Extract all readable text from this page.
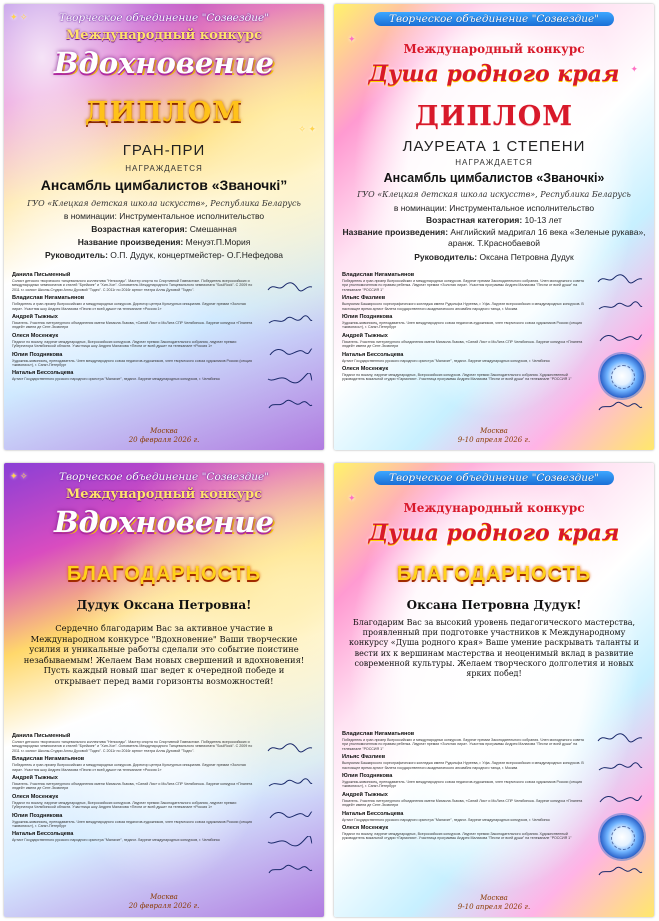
✦ ✧
✧ ✦
Творческое объединение "Созвездие"
Международный конкурс
Вдохновение
ДИПЛОМ
ГРАН-ПРИ
НАГРАЖДАЕТСЯ
Ансамбль цимбалистов «Званочкі”
ГУО «Клецкая детская школа искусств», Республика Беларусь
в номинации: Инструментальное исполнительство
Возрастная категория: Смешанная
Название произведения: Менуэт.П.Мория
Руководитель: О.П. Дудук, концертмейстер- О.Г.Нефедова
Данила Письменный
Солист детского творческого танцевального коллектива "Непоседы". Мастер спорта по Спортивной Гимнастике. Победитель всероссийских и международных чемпионатов и стилей "Брейкинг" и "Хип-Хоп". Основатель Международного Танцевального чемпионата "SoulRock". С 2009 по 2011 г.г. солист Школы-Студии Аллы Духовой "Тодес". С 2011г по 2016г артист театра Аллы Духовой "Тодес".
Владислав Нигаматьянов
Победитель и гран-призер Всероссийских и международных конкурсов. Директор центра Культурных инициатив. Лауреат премии «Золотая лира». Участник шоу Андрея Малахова «Песни от всей души» на телеканале «Россия 1»
Андрей Тыжных
Писатель. Участник литературного объединения имени Михаила Львова, «Синий Лис» и МоЛита СПР Челябинска. Лауреат конкурса «Планета людей» имени де Сент-Экзюпери
Олеся Мосенжук
Педагог по вокалу, лауреат международных, Всероссийских конкурсов. Лауреат премии Законодательного собрания, лауреат премии Губернатора Челябинской области. Участница шоу Андрея Малахова «Песни от всей души» на телеканале «Россия 1»
Юлия Позднякова
Художник-живописец, преподаватель. Член международного союза педагогов-художников, член творческого союза художников России (секция «живопись»), г. Санкт-Петербург
Наталья Бессольцева
Артист Государственного русского народного оркестра "Малахит", педагог. Лауреат международных конкурсов, г. Челябинск
Москва
20 февраля 2026 г.
✦
✦
Творческое объединение "Созвездие"
Международный конкурс
Душа родного края
ДИПЛОМ
ЛАУРЕАТА 1 СТЕПЕНИ
НАГРАЖДАЕТСЯ
Ансамбль цимбалистов «Званочкі»
ГУО «Клецкая детская школа искусств», Республика Беларусь
в номинации: Инструментальное исполнительство
Возрастная категория: 10-13 лет
Название произведения: Английский мадригал 16 века «Зеленые рукава», аранж. Т.Краснобаевой
Руководитель: Оксана Петровна Дудук
Владислав Нигаматьянов
Победитель и гран-призер Всероссийских и международных конкурсов. Лауреат премии Законодательного собрания. Член молодежного совета при уполномоченном по правам ребенка. Лауреат премии «Золотая лира». Участник программы Андрея Малахова "Песни от всей души" на телеканале "РОССИЯ 1"
Ильяс Фазлиев
Выпускник Башкирского хореографического колледжа имени Рудольфа Нуреева, г. Уфа. Лауреат всероссийских и международных конкурсов. В настоящее время артист балета государственного академического ансамбля народного танца, г. Москва
Юлия Позднякова
Художник-живописец, преподаватель. Член международного союза педагогов-художников, член творческого союза художников России (секция «живопись»), г. Санкт-Петербург
Андрей Тыжных
Писатель. Участник литературного объединения имени Михаила Львова, «Синий Лис» и МоЛита СПР Челябинска. Лауреат конкурса «Планета людей» имени де Сент-Экзюпери
Наталья Бессольцева
Артист Государственного русского народного оркестра "Малахит", педагог. Лауреат международных конкурсов, г. Челябинск
Олеся Мосенжук
Педагог по вокалу, лауреат международных, Всероссийских конкурсов. Лауреат премии Законодательного собрания. Художественный руководитель вокальной студии «Гармония». Участница программы Андрея Малахова "Песни от всей души" на телеканале "РОССИЯ 1"
Москва
9-10 апреля 2026 г.
✦ ✧	Творческое объединение "Созвездие"
Международный конкурс
Вдохновение
БЛАГОДАРНОСТЬ
Дудук Оксана Петровна!
Сердечно благодарим Вас за активное участие в Международном конкурсе "Вдохновение" Ваши творческие усилия и уникальные работы сделали это событие поистине незабываемым! Желаем Вам новых свершений и вдохновения! Пусть каждый новый шаг ведет к очередной победе и открывает перед вами горизонты возможностей!
Данила Письменный
Солист детского творческого танцевального коллектива "Непоседы". Мастер спорта по Спортивной Гимнастике. Победитель всероссийских и международных чемпионатов и стилей "Брейкинг" и "Хип-Хоп". Основатель Международного Танцевального чемпионата "SoulRock". С 2009 по 2011 г.г. солист Школы-Студии Аллы Духовой "Тодес". С 2011г по 2016г артист театра Аллы Духовой "Тодес".
Владислав Нигаматьянов
Победитель и гран-призер Всероссийских и международных конкурсов. Директор центра Культурных инициатив. Лауреат премии «Золотая лира». Участник шоу Андрея Малахова «Песни от всей души» на телеканале «Россия 1»
Андрей Тыжных
Писатель. Участник литературного объединения имени Михаила Львова, «Синий Лис» и МоЛита СПР Челябинска. Лауреат конкурса «Планета людей» имени де Сент-Экзюпери
Олеся Мосенжук
Педагог по вокалу, лауреат международных, Всероссийских конкурсов. Лауреат премии Законодательного собрания, лауреат премии Губернатора Челябинской области. Участница шоу Андрея Малахова «Песни от всей души» на телеканале «Россия 1»
Юлия Позднякова
Художник-живописец, преподаватель. Член международного союза педагогов-художников, член творческого союза художников России (секция «живопись»), г. Санкт-Петербург
Наталья Бессольцева
Артист Государственного русского народного оркестра "Малахит", педагог. Лауреат международных конкурсов, г. Челябинск
Москва
20 февраля 2026 г.
✦
Творческое объединение "Созвездие"
Международный конкурс
Душа родного края
БЛАГОДАРНОСТЬ
Оксана Петровна Дудук!
Благодарим Вас за высокий уровень педагогического мастерства, проявленный при подготовке участников к Международному конкурсу «Душа родного края» Ваше умение раскрывать таланты и вести их к вершинам мастерства и неоценимый вклад в развитие современной культуры. Желаем творческого долголетия и новых ярких побед!
Владислав Нигаматьянов
Победитель и гран-призер Всероссийских и международных конкурсов. Лауреат премии Законодательного собрания. Член молодежного совета при уполномоченном по правам ребенка. Лауреат премии «Золотая лира». Участник программы Андрея Малахова "Песни от всей души" на телеканале "РОССИЯ 1"
Ильяс Фазлиев
Выпускник Башкирского хореографического колледжа имени Рудольфа Нуреева, г. Уфа. Лауреат всероссийских и международных конкурсов. В настоящее время артист балета государственного академического ансамбля народного танца, г. Москва
Юлия Позднякова
Художник-живописец, преподаватель. Член международного союза педагогов-художников, член творческого союза художников России (секция «живопись»), г. Санкт-Петербург
Андрей Тыжных
Писатель. Участник литературного объединения имени Михаила Львова, «Синий Лис» и МоЛита СПР Челябинска. Лауреат конкурса «Планета людей» имени де Сент-Экзюпери
Наталья Бессольцева
Артист Государственного русского народного оркестра "Малахит", педагог. Лауреат международных конкурсов, г. Челябинск
Олеся Мосенжук
Педагог по вокалу, лауреат международных, Всероссийских конкурсов. Лауреат премии Законодательного собрания. Художественный руководитель вокальной студии «Гармония». Участница программы Андрея Малахова "Песни от всей души" на телеканале "РОССИЯ 1"
Москва
9-10 апреля 2026 г.
